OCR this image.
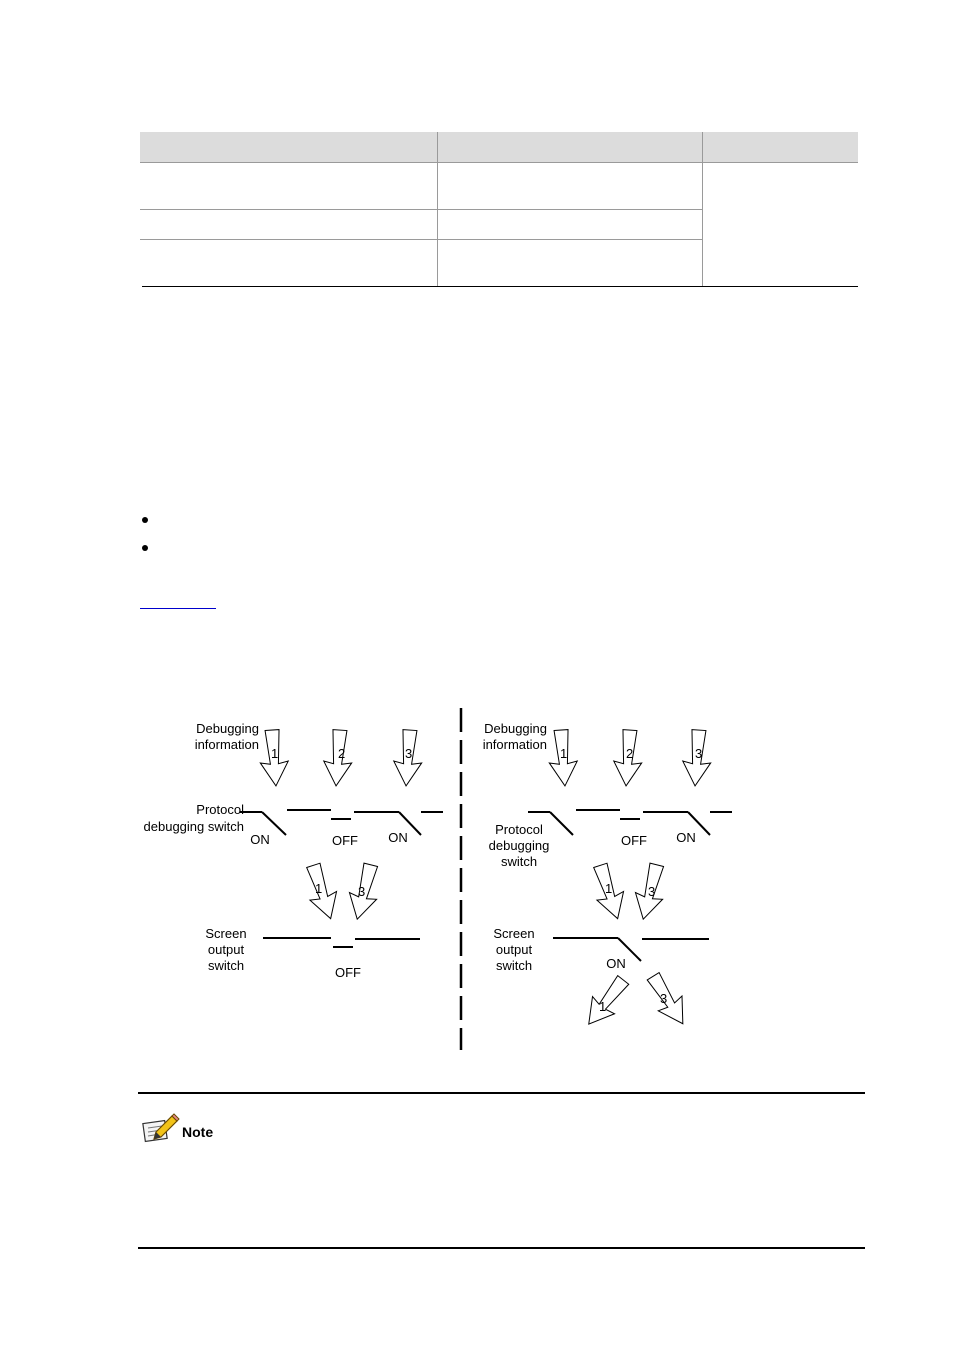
Debugging
information
1	2	3
Protocol
debugging switch
ON	OFF ON
1	3
Screen
output
switch	OFF
Debugging
information
1	2	3
Protocol
debugging
switch
OFF ON
1	3
Screen
output
switch	ON
1
3
Note
